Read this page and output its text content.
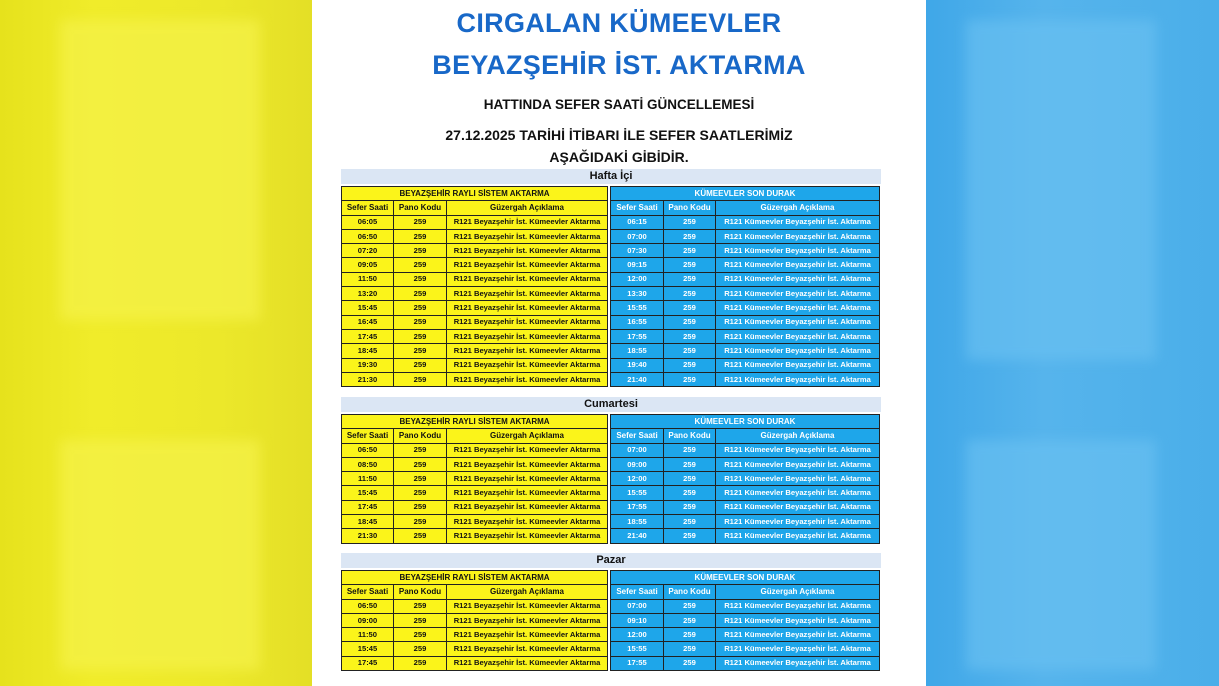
CIRGALAN KÜMEEVLER
BEYAZŞEHİR İST. AKTARMA
HATTINDA SEFER SAATİ GÜNCELLEMESİ
27.12.2025 TARİHİ İTİBARI İLE SEFER SAATLERİMİZ
AŞAĞIDAKİ GİBİDİR.
Hafta İçi
BEYAZŞEHİR RAYLI SİSTEM AKTARMA		
Sefer Saati	Pano Kodu	Güzergah Açıklama
06:05	259	R121 Beyazşehir İst. Kümeevler Aktarma
06:50	259	R121 Beyazşehir İst. Kümeevler Aktarma
07:20	259	R121 Beyazşehir İst. Kümeevler Aktarma
09:05	259	R121 Beyazşehir İst. Kümeevler Aktarma
11:50	259	R121 Beyazşehir İst. Kümeevler Aktarma
13:20	259	R121 Beyazşehir İst. Kümeevler Aktarma
15:45	259	R121 Beyazşehir İst. Kümeevler Aktarma
16:45	259	R121 Beyazşehir İst. Kümeevler Aktarma
17:45	259	R121 Beyazşehir İst. Kümeevler Aktarma
18:45	259	R121 Beyazşehir İst. Kümeevler Aktarma
19:30	259	R121 Beyazşehir İst. Kümeevler Aktarma
21:30	259	R121 Beyazşehir İst. Kümeevler Aktarma
KÜMEEVLER SON DURAK		
Sefer Saati	Pano Kodu	Güzergah Açıklama
06:15	259	R121 Kümeevler Beyazşehir İst. Aktarma
07:00	259	R121 Kümeevler Beyazşehir İst. Aktarma
07:30	259	R121 Kümeevler Beyazşehir İst. Aktarma
09:15	259	R121 Kümeevler Beyazşehir İst. Aktarma
12:00	259	R121 Kümeevler Beyazşehir İst. Aktarma
13:30	259	R121 Kümeevler Beyazşehir İst. Aktarma
15:55	259	R121 Kümeevler Beyazşehir İst. Aktarma
16:55	259	R121 Kümeevler Beyazşehir İst. Aktarma
17:55	259	R121 Kümeevler Beyazşehir İst. Aktarma
18:55	259	R121 Kümeevler Beyazşehir İst. Aktarma
19:40	259	R121 Kümeevler Beyazşehir İst. Aktarma
21:40	259	R121 Kümeevler Beyazşehir İst. Aktarma
Cumartesi
BEYAZŞEHİR RAYLI SİSTEM AKTARMA		
Sefer Saati	Pano Kodu	Güzergah Açıklama
06:50	259	R121 Beyazşehir İst. Kümeevler Aktarma
08:50	259	R121 Beyazşehir İst. Kümeevler Aktarma
11:50	259	R121 Beyazşehir İst. Kümeevler Aktarma
15:45	259	R121 Beyazşehir İst. Kümeevler Aktarma
17:45	259	R121 Beyazşehir İst. Kümeevler Aktarma
18:45	259	R121 Beyazşehir İst. Kümeevler Aktarma
21:30	259	R121 Beyazşehir İst. Kümeevler Aktarma
KÜMEEVLER SON DURAK		
Sefer Saati	Pano Kodu	Güzergah Açıklama
07:00	259	R121 Kümeevler Beyazşehir İst. Aktarma
09:00	259	R121 Kümeevler Beyazşehir İst. Aktarma
12:00	259	R121 Kümeevler Beyazşehir İst. Aktarma
15:55	259	R121 Kümeevler Beyazşehir İst. Aktarma
17:55	259	R121 Kümeevler Beyazşehir İst. Aktarma
18:55	259	R121 Kümeevler Beyazşehir İst. Aktarma
21:40	259	R121 Kümeevler Beyazşehir İst. Aktarma
Pazar
BEYAZŞEHİR RAYLI SİSTEM AKTARMA		
Sefer Saati	Pano Kodu	Güzergah Açıklama
06:50	259	R121 Beyazşehir İst. Kümeevler Aktarma
09:00	259	R121 Beyazşehir İst. Kümeevler Aktarma
11:50	259	R121 Beyazşehir İst. Kümeevler Aktarma
15:45	259	R121 Beyazşehir İst. Kümeevler Aktarma
17:45	259	R121 Beyazşehir İst. Kümeevler Aktarma
KÜMEEVLER SON DURAK		
Sefer Saati	Pano Kodu	Güzergah Açıklama
07:00	259	R121 Kümeevler Beyazşehir İst. Aktarma
09:10	259	R121 Kümeevler Beyazşehir İst. Aktarma
12:00	259	R121 Kümeevler Beyazşehir İst. Aktarma
15:55	259	R121 Kümeevler Beyazşehir İst. Aktarma
17:55	259	R121 Kümeevler Beyazşehir İst. Aktarma
